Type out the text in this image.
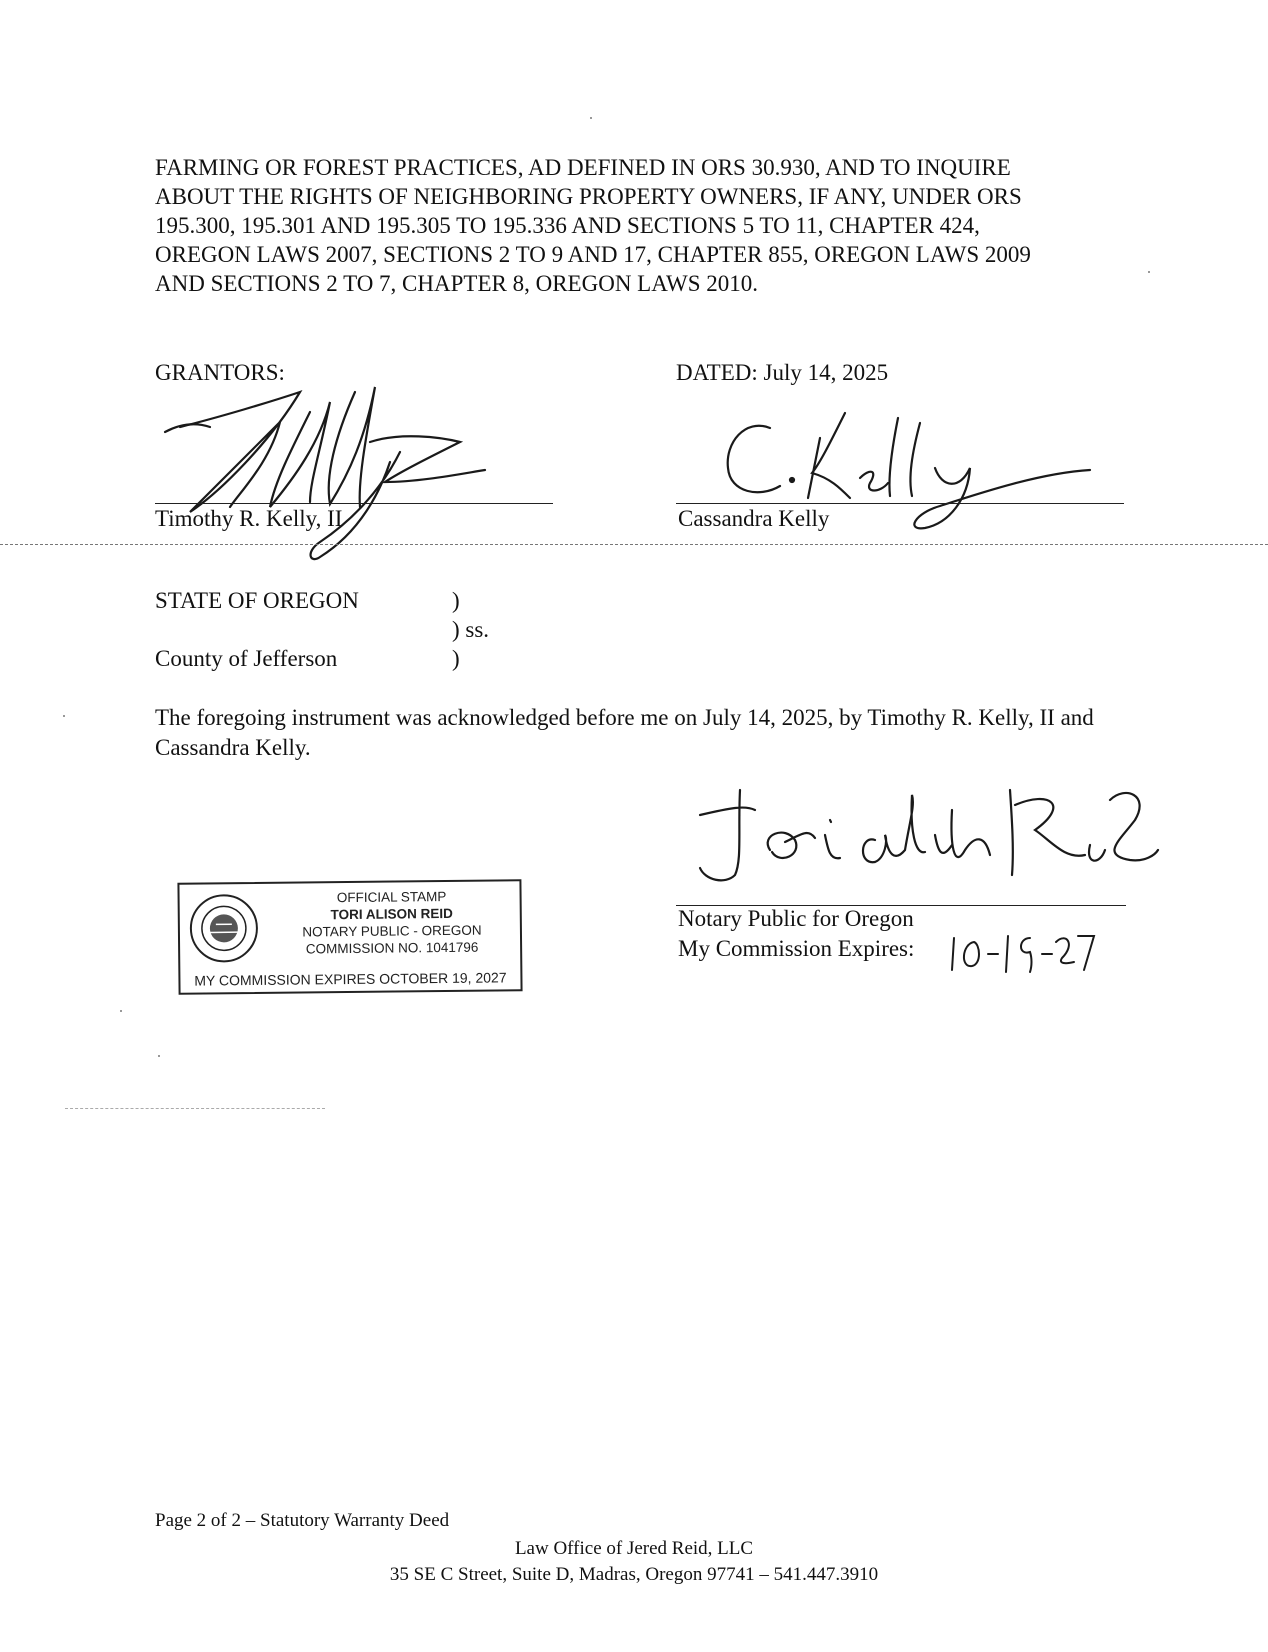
FARMING OR FOREST PRACTICES, AD DEFINED IN ORS 30.930, AND TO INQUIRE
ABOUT THE RIGHTS OF NEIGHBORING PROPERTY OWNERS, IF ANY, UNDER ORS
195.300, 195.301 AND 195.305 TO 195.336 AND SECTIONS 5 TO 11, CHAPTER 424,
OREGON LAWS 2007, SECTIONS 2 TO 9 AND 17, CHAPTER 855, OREGON LAWS 2009
AND SECTIONS 2 TO 7, CHAPTER 8, OREGON LAWS 2010.
GRANTORS:	DATED: July 14, 2025
Timothy R. Kelly, II	Cassandra Kelly
STATE OF OREGON	)
) ss.
County of Jefferson	)
The foregoing instrument was acknowledged before me on July 14, 2025, by Timothy R. Kelly, II and Cassandra Kelly.
Notary Public for Oregon
My Commission Expires:
OFFICIAL STAMP
TORI ALISON REID
NOTARY PUBLIC - OREGON
COMMISSION NO. 1041796
MY COMMISSION EXPIRES OCTOBER 19, 2027
Page 2 of 2 – Statutory Warranty Deed
Law Office of Jered Reid, LLC
35 SE C Street, Suite D, Madras, Oregon 97741 – 541.447.3910
